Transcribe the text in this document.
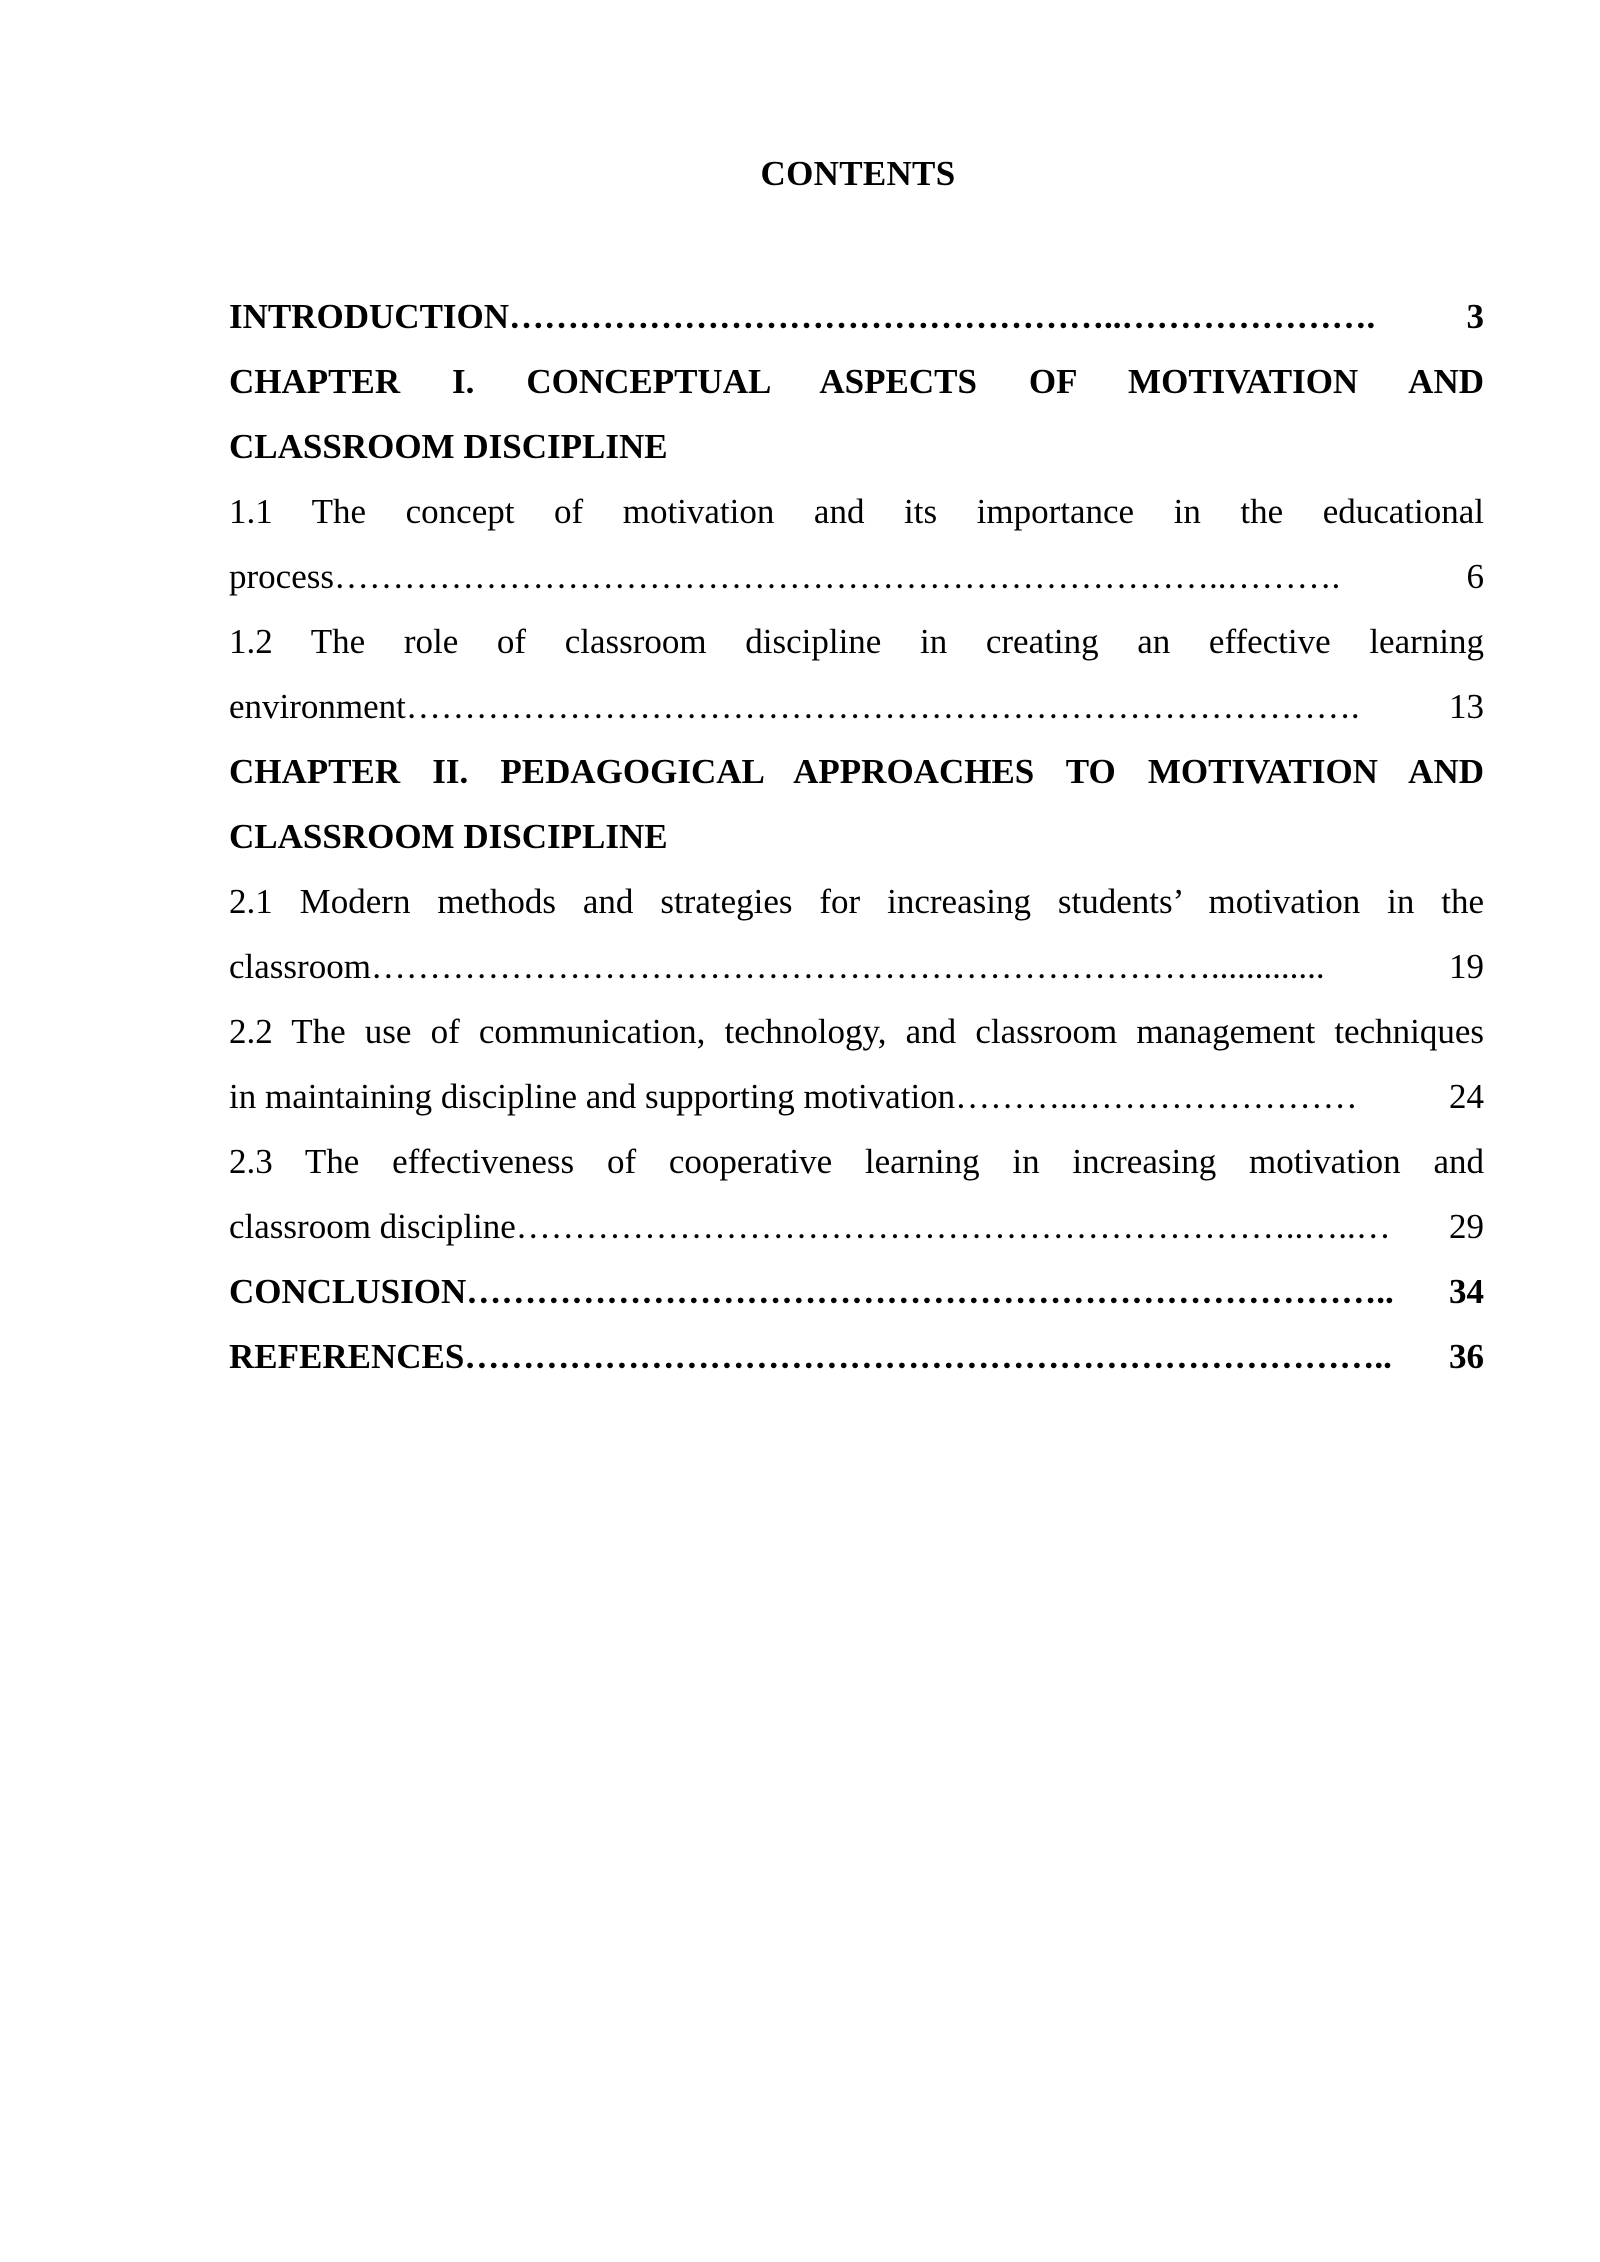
CONTENTS
INTRODUCTION ……………………………………………..………………….	3
CHAPTER I. CONCEPTUAL ASPECTS OF MOTIVATION AND
CLASSROOM DISCIPLINE
1.1 The concept of motivation and its importance in the educational
process …………………………………………………………………..……….	6
1.2 The role of classroom discipline in creating an effective learning
environment ……………………………………………………………………….	13
CHAPTER II. PEDAGOGICAL APPROACHES TO MOTIVATION AND
CLASSROOM DISCIPLINE
2.1 Modern methods and strategies for increasing students’ motivation in the
classroom ……………………………………………………………….............	19
2.2 The use of communication, technology, and classroom management techniques
in maintaining discipline and supporting motivation ………..……………………	24
2.3 The effectiveness of cooperative learning in increasing motivation and
classroom discipline …………………………………………………………..…..…	29
CONCLUSION ……………………………………………………………………..	34
REFERENCES ……………………………………………………………………..	36
